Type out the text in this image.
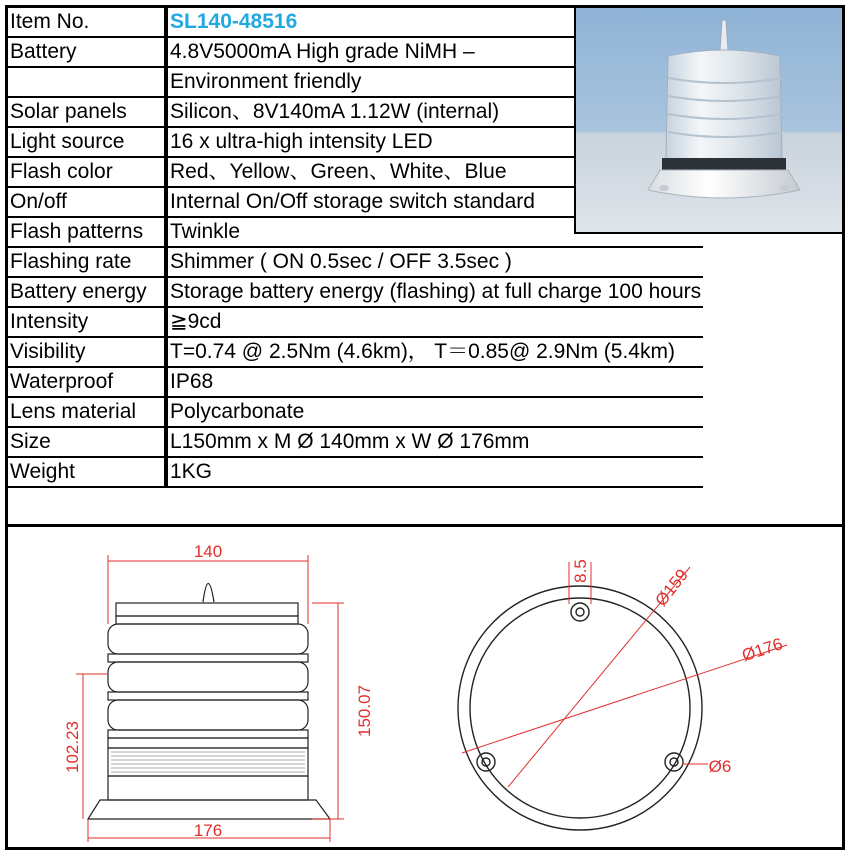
Item No.	SL140-48516
Battery	4.8V5000mA High grade NiMH –
	Environment friendly
Solar panels	Silicon、8V140mA 1.12W (internal)
Light source	16 x ultra-high intensity LED
Flash color	Red、Yellow、Green、White、Blue
On/off	Internal On/Off storage switch standard
Flash patterns	Twinkle
Flashing rate	Shimmer ( ON 0.5sec / OFF 3.5sec )
Battery energy	Storage battery energy (flashing) at full charge 100 hours
Intensity	≧9cd
Visibility	T=0.74 @ 2.5Nm (4.6km)， T＝0.85@ 2.9Nm (5.4km)
Waterproof	IP68
Lens material	Polycarbonate
Size	L150mm x M Ø 140mm x W Ø 176mm
Weight	1KG
140
176
150.07
102.23
8.5	Ø159
Ø176
Ø6
